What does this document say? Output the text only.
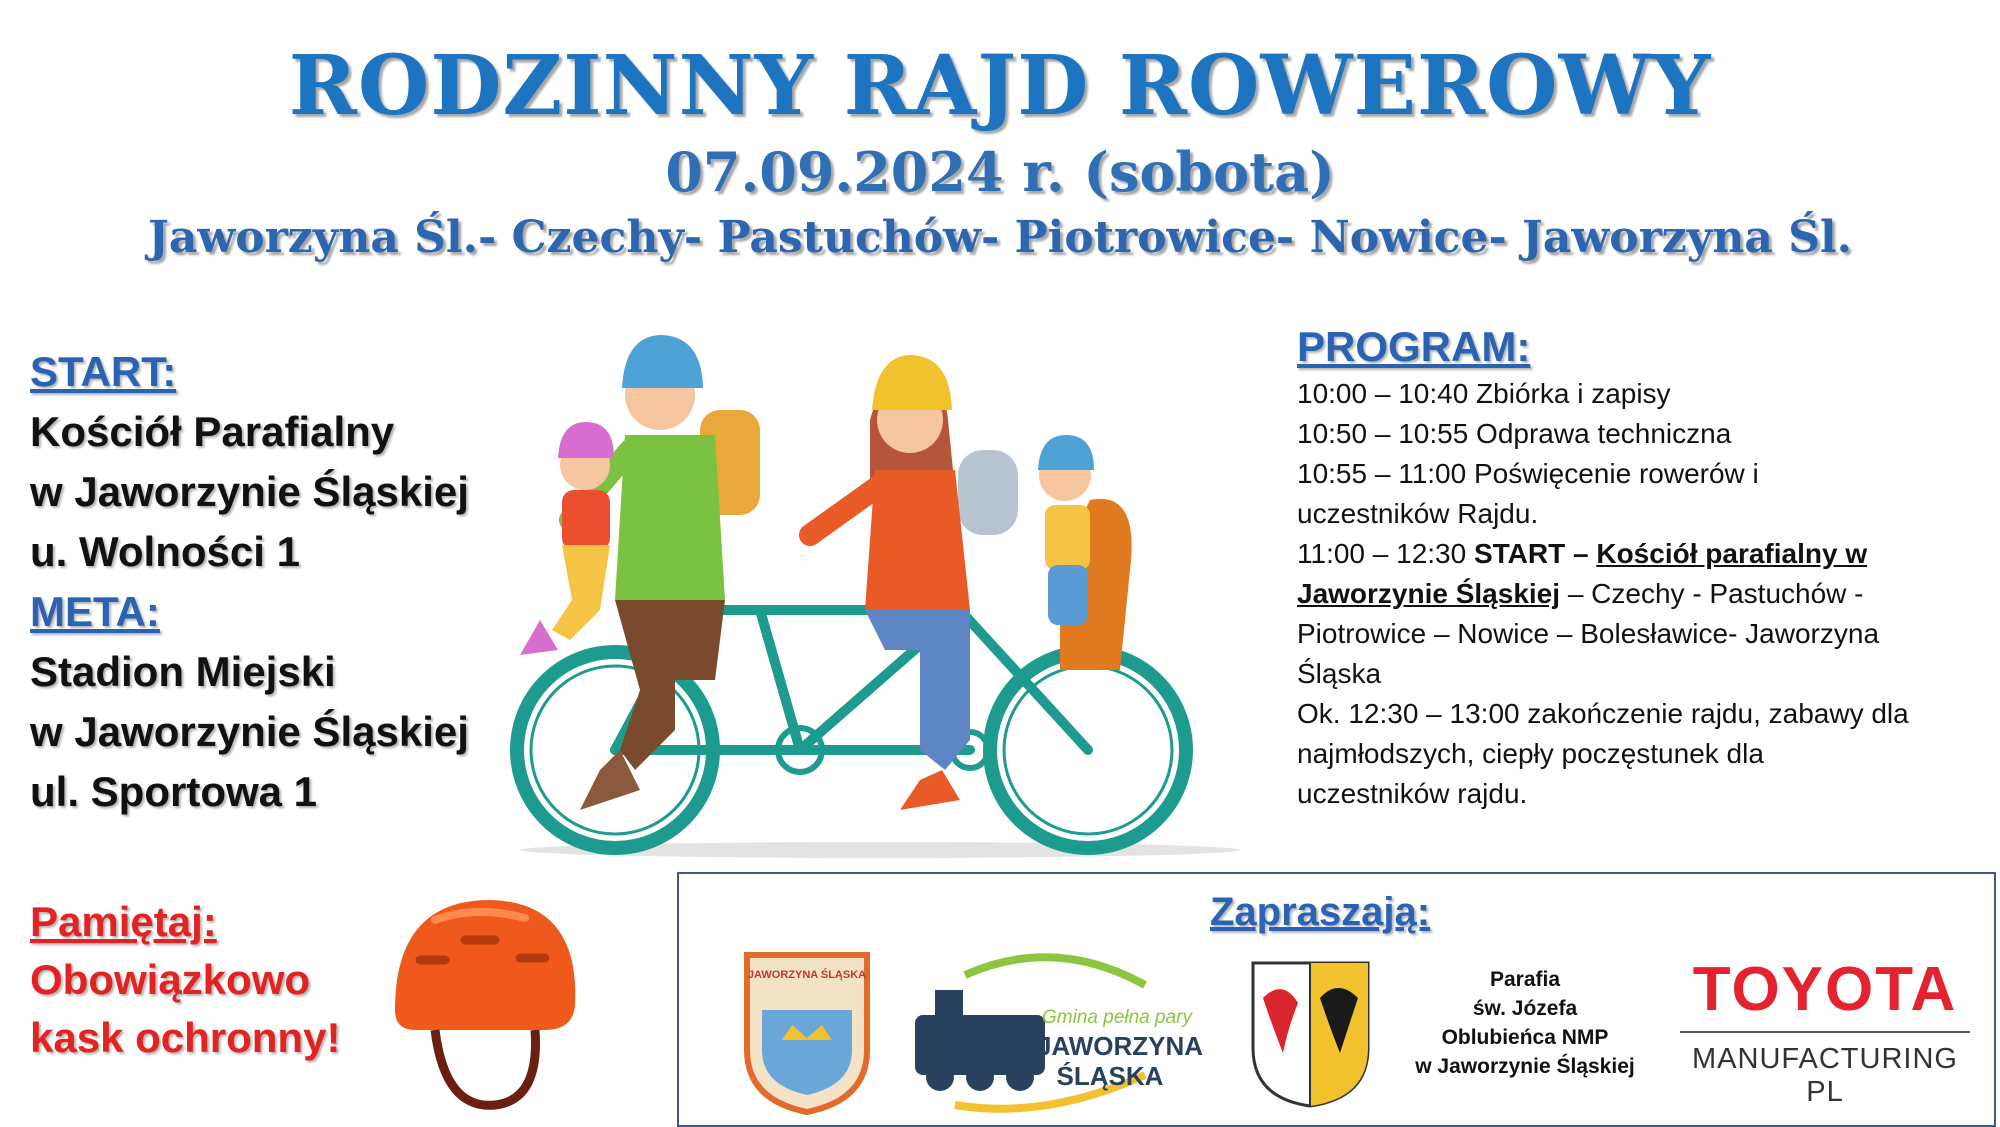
RODZINNY RAJD ROWEROWY
07.09.2024 r. (sobota)
Jaworzyna Śl.- Czechy- Pastuchów- Piotrowice- Nowice- Jaworzyna Śl.
START:
Kościół Parafialny
w Jaworzynie Śląskiej
u. Wolności 1
META:
Stadion Miejski
w Jaworzynie Śląskiej
ul. Sportowa 1
PROGRAM:
10:00 – 10:40 Zbiórka i zapisy
10:50 – 10:55 Odprawa techniczna
10:55 – 11:00 Poświęcenie rowerów i
uczestników Rajdu.
11:00 – 12:30 START – Kościół parafialny w
Jaworzynie Śląskiej – Czechy - Pastuchów -
Piotrowice – Nowice – Bolesławice- Jaworzyna
Śląska
Ok. 12:30 – 13:00 zakończenie rajdu, zabawy dla
najmłodszych, ciepły poczęstunek dla
uczestników rajdu.
Pamiętaj:
Obowiązkowo
kask ochronny!
Zapraszają:
JAWORZYNA ŚLĄSKA
Gmina pełna pary
JAWORZYNA
ŚLĄSKA
Parafia
św. Józefa
Oblubieńca NMP
w Jaworzynie Śląskiej
TOYOTA
MANUFACTURING PL
